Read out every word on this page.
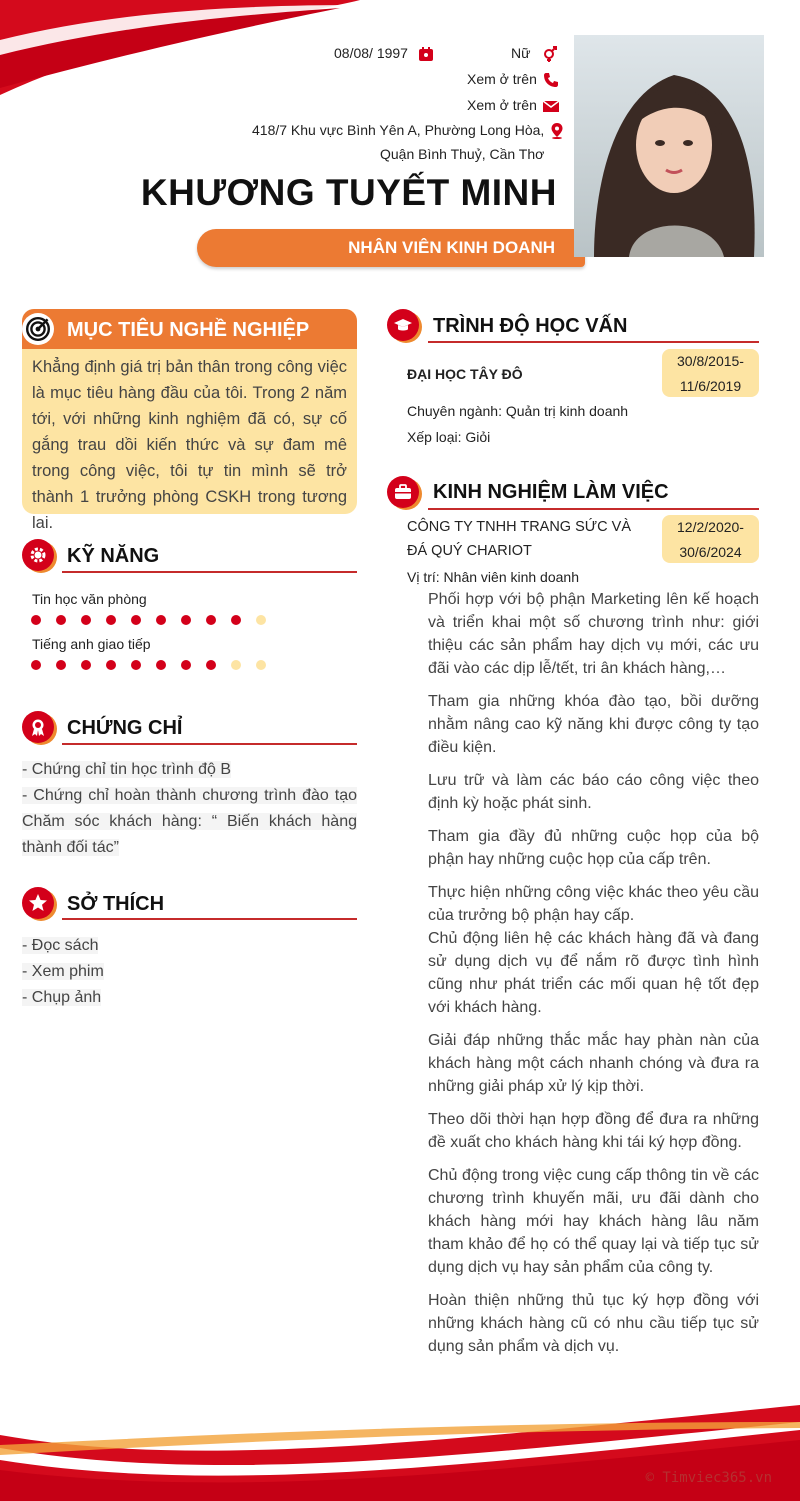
08/08/ 1997	Nữ
Xem ở trên
Xem ở trên
418/7 Khu vực Bình Yên A, Phường Long Hòa,
Quận Bình Thuỷ, Cần Thơ
KHƯƠNG TUYẾT MINH
NHÂN VIÊN KINH DOANH
MỤC TIÊU NGHỀ NGHIỆP
Khẳng định giá trị bản thân trong công việc là mục tiêu hàng đầu của tôi. Trong 2 năm tới, với những kinh nghiệm đã có, sự cố gắng trau dồi kiến thức và sự đam mê trong công việc, tôi tự tin mình sẽ trở thành 1 trưởng phòng CSKH trong tương lai.
KỸ NĂNG
Tin học văn phòng
Tiếng anh giao tiếp
CHỨNG CHỈ
- Chứng chỉ tin học trình độ B
- Chứng chỉ hoàn thành chương trình đào tạo Chăm sóc khách hàng: “ Biến khách hàng thành đối tác”
SỞ THÍCH
- Đọc sách
- Xem phim
- Chụp ảnh
TRÌNH ĐỘ HỌC VẤN
ĐẠI HỌC TÂY ĐÔ
30/8/2015-
11/6/2019
Chuyên ngành: Quản trị kinh doanh
Xếp loại: Giỏi
KINH NGHIỆM LÀM VIỆC
CÔNG TY TNHH TRANG SỨC VÀ
ĐÁ QUÝ CHARIOT
12/2/2020-
30/6/2024
Vị trí: Nhân viên kinh doanh

Phối hợp với bộ phận Marketing lên kế hoạch và triển khai một số chương trình như: giới thiệu các sản phẩm hay dịch vụ mới, các ưu đãi vào các dịp lễ/tết, tri ân khách hàng,…

Tham gia những khóa đào tạo, bồi dưỡng nhằm nâng cao kỹ năng khi được công ty tạo điều kiện.

Lưu trữ và làm các báo cáo công việc theo định kỳ hoặc phát sinh.

Tham gia đầy đủ những cuộc họp của bộ phận hay những cuộc họp của cấp trên.

Thực hiện những công việc khác theo yêu cầu của trưởng bộ phận hay cấp.

Chủ động liên hệ các khách hàng đã và đang sử dụng dịch vụ để nắm rõ được tình hình cũng như phát triển các mối quan hệ tốt đẹp với khách hàng.

Giải đáp những thắc mắc hay phàn nàn của khách hàng một cách nhanh chóng và đưa ra những giải pháp xử lý kịp thời.

Theo dõi thời hạn hợp đồng để đưa ra những đề xuất cho khách hàng khi tái ký hợp đồng.

Chủ động trong việc cung cấp thông tin về các chương trình khuyến mãi, ưu đãi dành cho khách hàng mới hay khách hàng lâu năm tham khảo để họ có thể quay lại và tiếp tục sử dụng dịch vụ hay sản phẩm của công ty.

Hoàn thiện những thủ tục ký hợp đồng với những khách hàng cũ có nhu cầu tiếp tục sử dụng sản phẩm và dịch vụ.

© Timviec365.vn
